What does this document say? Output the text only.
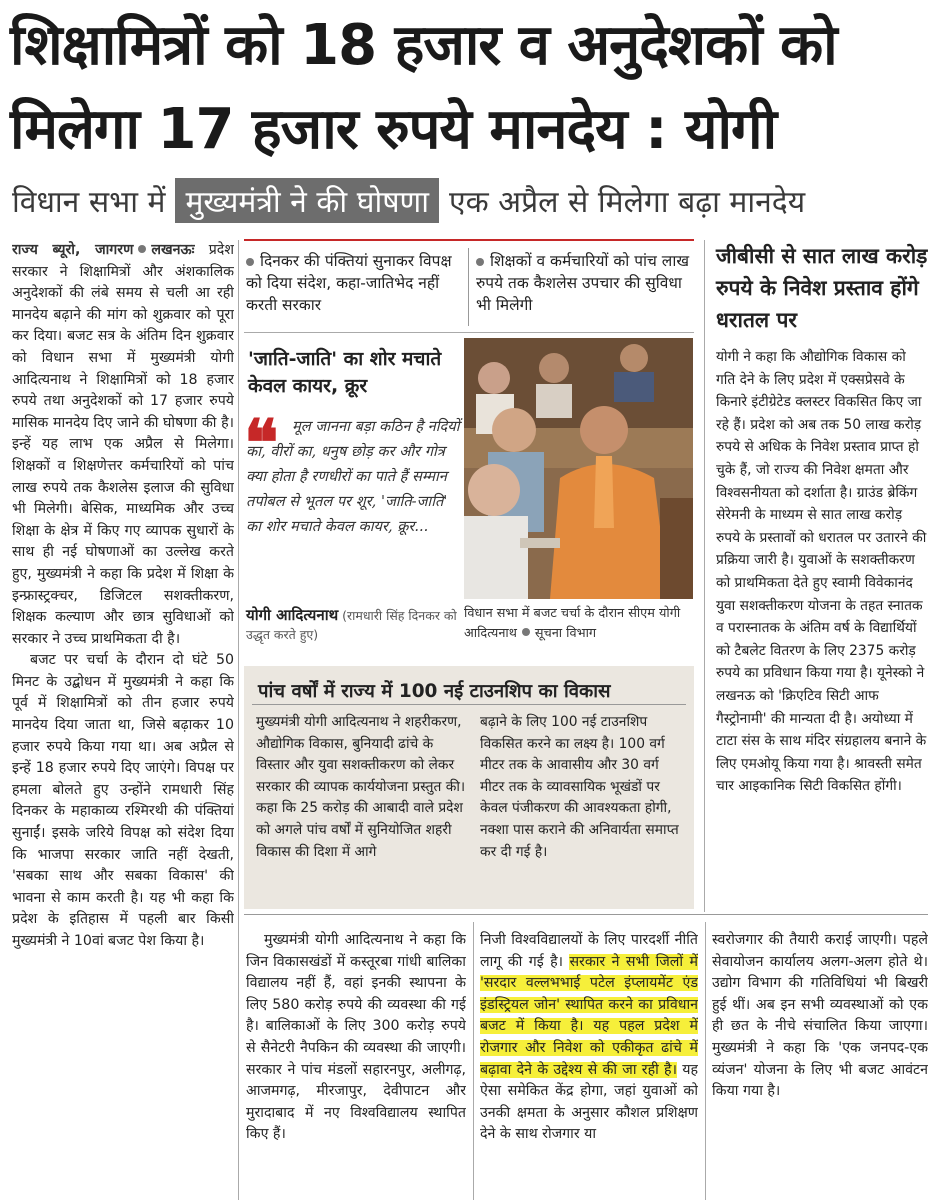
शिक्षामित्रों को 18 हजार व अनुदेशकों को
मिलेगा 17 हजार रुपये मानदेय : योगी
विधान सभा में मुख्यमंत्री ने की घोषणा एक अप्रैल से मिलेगा बढ़ा मानदेय

राज्य ब्यूरो, जागरण लखनऊः प्रदेश सरकार ने शिक्षामित्रों और अंशकालिक अनुदेशकों की लंबे समय से चली आ रही मानदेय बढ़ाने की मांग को शुक्रवार को पूरा कर दिया। बजट सत्र के अंतिम दिन शुक्रवार को विधान सभा में मुख्यमंत्री योगी आदित्यनाथ ने शिक्षामित्रों को 18 हजार रुपये तथा अनुदेशकों को 17 हजार रुपये मासिक मानदेय दिए जाने की घोषणा की है। इन्हें यह लाभ एक अप्रैल से मिलेगा। शिक्षकों व शिक्षणेत्तर कर्मचारियों को पांच लाख रुपये तक कैशलेस इलाज की सुविधा भी मिलेगी। बेसिक, माध्यमिक और उच्च शिक्षा के क्षेत्र में किए गए व्यापक सुधारों के साथ ही नई घोषणाओं का उल्लेख करते हुए, मुख्यमंत्री ने कहा कि प्रदेश में शिक्षा के इन्फ्रास्ट्रक्चर, डिजिटल सशक्तीकरण, शिक्षक कल्याण और छात्र सुविधाओं को सरकार ने उच्च प्राथमिकता दी है।

बजट पर चर्चा के दौरान दो घंटे 50 मिनट के उद्बोधन में मुख्यमंत्री ने कहा कि पूर्व में शिक्षामित्रों को तीन हजार रुपये मानदेय दिया जाता था, जिसे बढ़ाकर 10 हजार रुपये किया गया था। अब अप्रैल से इन्हें 18 हजार रुपये दिए जाएंगे। विपक्ष पर हमला बोलते हुए उन्होंने रामधारी सिंह दिनकर के महाकाव्य रश्मिरथी की पंक्तियां सुनाईं। इसके जरिये विपक्ष को संदेश दिया कि भाजपा सरकार जाति नहीं देखती, 'सबका साथ और सबका विकास' की भावना से काम करती है। यह भी कहा कि प्रदेश के इतिहास में पहली बार किसी मुख्यमंत्री ने 10वां बजट पेश किया है।

दिनकर की पंक्तियां सुनाकर विपक्ष को दिया संदेश, कहा-जातिभेद नहीं करती सरकार
शिक्षकों व कर्मचारियों को पांच लाख रुपये तक कैशलेस उपचार की सुविधा भी मिलेगी
'जाति-जाति' का शोर मचाते केवल कायर, क्रूर
❝ मूल जानना बड़ा कठिन है नदियों का, वीरों का, धनुष छोड़ कर और गोत्र क्या होता है रणधीरों का पाते हैं सम्मान तपोबल से भूतल पर शूर, 'जाति-जाति' का शोर मचाते केवल कायर, क्रूर...
योगी आदित्यनाथ (रामधारी सिंह दिनकर को उद्धृत करते हुए)
विधान सभा में बजट चर्चा के दौरान सीएम योगी आदित्यनाथ सूचना विभाग
जीबीसी से सात लाख करोड़ रुपये के निवेश प्रस्ताव होंगे धरातल पर
योगी ने कहा कि औद्योगिक विकास को गति देने के लिए प्रदेश में एक्सप्रेसवे के किनारे इंटीग्रेटेड क्लस्टर विकसित किए जा रहे हैं। प्रदेश को अब तक 50 लाख करोड़ रुपये से अधिक के निवेश प्रस्ताव प्राप्त हो चुके हैं, जो राज्य की निवेश क्षमता और विश्वसनीयता को दर्शाता है। ग्राउंड ब्रेकिंग सेरेमनी के माध्यम से सात लाख करोड़ रुपये के प्रस्तावों को धरातल पर उतारने की प्रक्रिया जारी है। युवाओं के सशक्तीकरण को प्राथमिकता देते हुए स्वामी विवेकानंद युवा सशक्तीकरण योजना के तहत स्नातक व परास्नातक के अंतिम वर्ष के विद्यार्थियों को टैबलेट वितरण के लिए 2375 करोड़ रुपये का प्रविधान किया गया है। यूनेस्को ने लखनऊ को 'क्रिएटिव सिटी आफ गैस्ट्रोनामी' की मान्यता दी है। अयोध्या में टाटा संस के साथ मंदिर संग्रहालय बनाने के लिए एमओयू किया गया है। श्रावस्ती समेत चार आइकानिक सिटी विकसित होंगी।
पांच वर्षों में राज्य में 100 नई टाउनशिप का विकास
मुख्यमंत्री योगी आदित्यनाथ ने शहरीकरण, औद्योगिक विकास, बुनियादी ढांचे के विस्तार और युवा सशक्तीकरण को लेकर सरकार की व्यापक कार्ययोजना प्रस्तुत की। कहा कि 25 करोड़ की आबादी वाले प्रदेश को अगले पांच वर्षों में सुनियोजित शहरी विकास की दिशा में आगे
बढ़ाने के लिए 100 नई टाउनशिप विकसित करने का लक्ष्य है। 100 वर्ग मीटर तक के आवासीय और 30 वर्ग मीटर तक के व्यावसायिक भूखंडों पर केवल पंजीकरण की आवश्यकता होगी, नक्शा पास कराने की अनिवार्यता समाप्त कर दी गई है।

मुख्यमंत्री योगी आदित्यनाथ ने कहा कि जिन विकासखंडों में कस्तूरबा गांधी बालिका विद्यालय नहीं हैं, वहां इनकी स्थापना के लिए 580 करोड़ रुपये की व्यवस्था की गई है। बालिकाओं के लिए 300 करोड़ रुपये से सैनेटरी नैपकिन की व्यवस्था की जाएगी। सरकार ने पांच मंडलों सहारनपुर, अलीगढ़, आजमगढ़, मीरजापुर, देवीपाटन और मुरादाबाद में नए विश्वविद्यालय स्थापित किए हैं।

निजी विश्वविद्यालयों के लिए पारदर्शी नीति लागू की गई है। सरकार ने सभी जिलों में 'सरदार वल्लभभाई पटेल इंप्लायमेंट एंड इंडस्ट्रियल जोन' स्थापित करने का प्रविधान बजट में किया है। यह पहल प्रदेश में रोजगार और निवेश को एकीकृत ढांचे में बढ़ावा देने के उद्देश्य से की जा रही है। यह ऐसा समेकित केंद्र होगा, जहां युवाओं को उनकी क्षमता के अनुसार कौशल प्रशिक्षण देने के साथ रोजगार या

स्वरोजगार की तैयारी कराई जाएगी। पहले सेवायोजन कार्यालय अलग-अलग होते थे। उद्योग विभाग की गतिविधियां भी बिखरी हुई थीं। अब इन सभी व्यवस्थाओं को एक ही छत के नीचे संचालित किया जाएगा। मुख्यमंत्री ने कहा कि 'एक जनपद-एक व्यंजन' योजना के लिए भी बजट आवंटन किया गया है।
